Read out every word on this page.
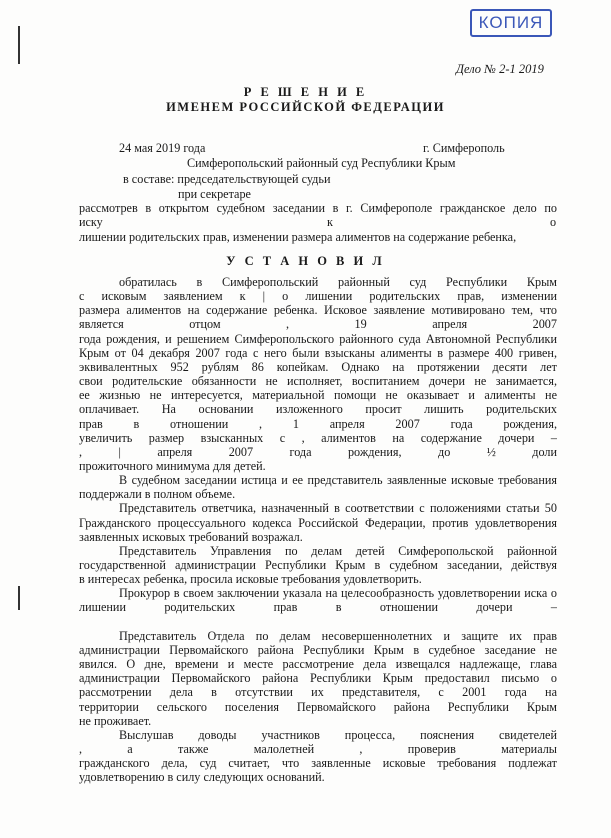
КОПИЯ
Дело № 2-1 2019
Р Е Ш Е Н И Е
ИМЕНЕМ РОССИЙСКОЙ ФЕДЕРАЦИИ
24 мая 2019 года	г. Симферополь
Симферопольский районный суд Республики Крым
в составе: председательствующей судьи
при секретаре
рассмотрев в открытом судебном заседании в г. Симферополе гражданское дело по
иску	к	о
лишении родительских прав, изменении размера алиментов на содержание ребенка,
У С Т А Н О В И Л
обратилась в Симферопольский районный суд Республики Крым
с исковым заявлением к | о лишении родительских прав, изменении
размера алиментов на содержание ребенка. Исковое заявление мотивировано тем, что
является отцом , 19 апреля 2007
года рождения, и решением Симферопольского районного суда Автономной Республики
Крым от 04 декабря 2007 года с него были взысканы алименты в размере 400 гривен,
эквивалентных 952 рублям 86 копейкам. Однако на протяжении десяти лет
свои родительские обязанности не исполняет, воспитанием дочери не занимается,
ее жизнью не интересуется, материальной помощи не оказывает и алименты не
оплачивает. На основании изложенного просит лишить родительских
прав в отношении , 1 апреля 2007 года рождения,
увеличить размер взысканных с , алиментов на содержание дочери –
, | апреля 2007 года рождения, до ½ доли
прожиточного минимума для детей.
В судебном заседании истица и ее представитель заявленные исковые требования
поддержали в полном объеме.
Представитель ответчика, назначенный в соответствии с положениями статьи 50
Гражданского процессуального кодекса Российской Федерации, против удовлетворения
заявленных исковых требований возражал.
Представитель Управления по делам детей Симферопольской районной
государственной администрации Республики Крым в судебном заседании, действуя
в интересах ребенка, просила исковые требования удовлетворить.
Прокурор в своем заключении указала на целесообразность удовлетворении иска о
лишении родительских прав в отношении дочери –
Представитель Отдела по делам несовершеннолетних и защите их прав
администрации Первомайского района Республики Крым в судебное заседание не
явился. О дне, времени и месте рассмотрение дела извещался надлежаще, глава
администрации Первомайского района Республики Крым предоставил письмо о
рассмотрении дела в отсутствии их представителя, с 2001 года на
территории сельского поселения Первомайского района Республики Крым
не проживает.
Выслушав доводы участников процесса, пояснения свидетелей
, а также малолетней , проверив материалы
гражданского дела, суд считает, что заявленные исковые требования подлежат
удовлетворению в силу следующих оснований.
